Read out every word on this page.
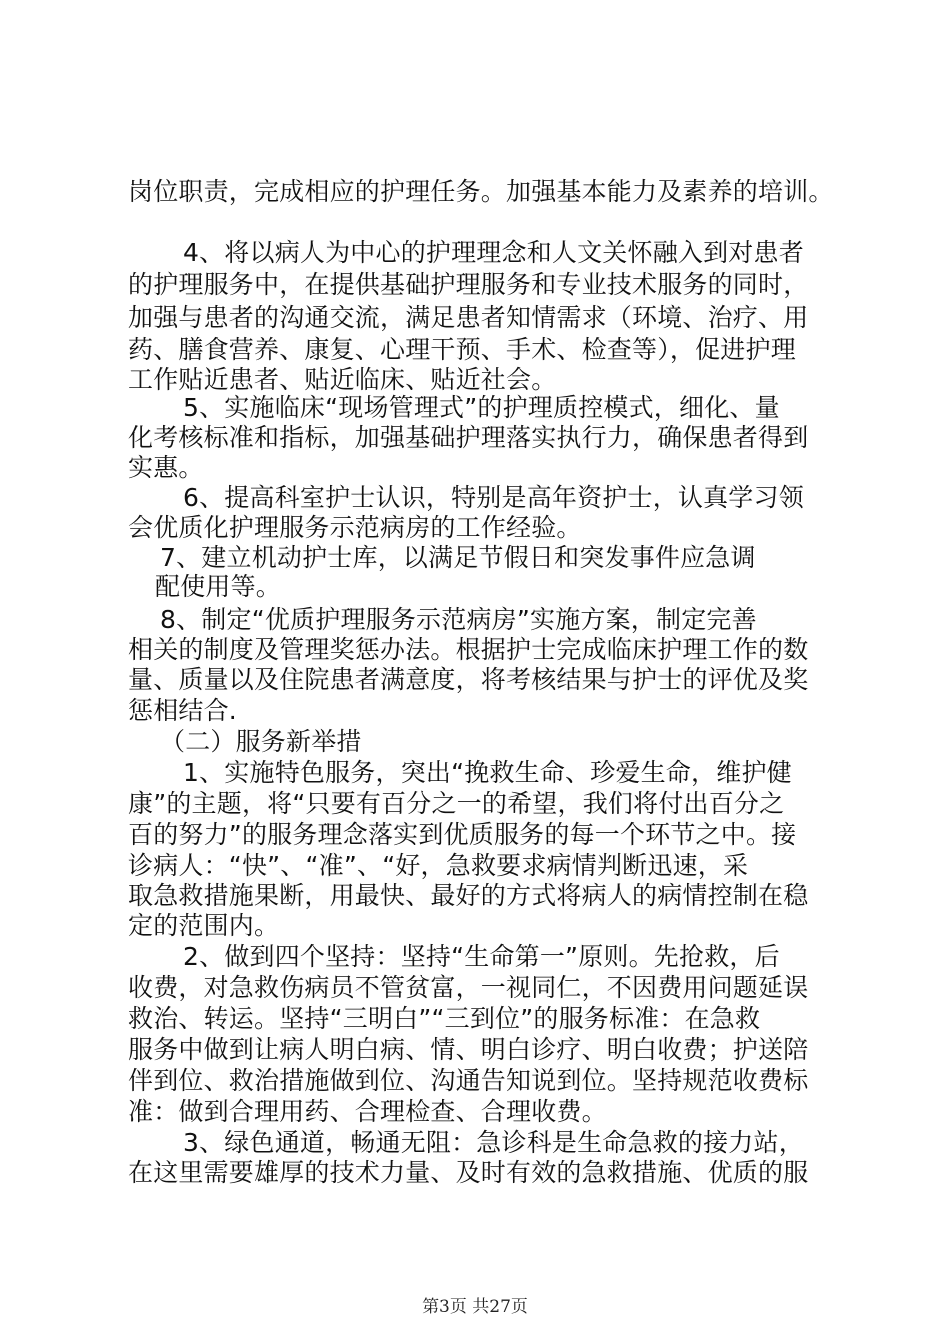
岗位职责，完成相应的护理任务。加强基本能力及素养的培训。
4、将以病人为中心的护理理念和人文关怀融入到对患者
的护理服务中，在提供基础护理服务和专业技术服务的同时，
加强与患者的沟通交流，满足患者知情需求（环境、治疗、用
药、膳食营养、康复、心理干预、手术、检查等），促进护理
工作贴近患者、贴近临床、贴近社会。
5、实施临床“现场管理式”的护理质控模式，细化、量
化考核标准和指标，加强基础护理落实执行力，确保患者得到
实惠。
6、提高科室护士认识，特别是高年资护士，认真学习领
会优质化护理服务示范病房的工作经验。
7、建立机动护士库，以满足节假日和突发事件应急调
配使用等。
8、制定“优质护理服务示范病房”实施方案，制定完善
相关的制度及管理奖惩办法。根据护士完成临床护理工作的数
量、质量以及住院患者满意度，将考核结果与护士的评优及奖
惩相结合.
（二）服务新举措
1、实施特色服务，突出“挽救生命、珍爱生命，维护健
康”的主题，将“只要有百分之一的希望，我们将付出百分之
百的努力”的服务理念落实到优质服务的每一个环节之中。接
诊病人：“快”、“准”、“好，急救要求病情判断迅速，采
取急救措施果断，用最快、最好的方式将病人的病情控制在稳
定的范围内。
2、做到四个坚持：坚持“生命第一”原则。先抢救，后
收费，对急救伤病员不管贫富，一视同仁，不因费用问题延误
救治、转运。坚持“三明白”“三到位”的服务标准：在急救
服务中做到让病人明白病、情、明白诊疗、明白收费；护送陪
伴到位、救治措施做到位、沟通告知说到位。坚持规范收费标
准：做到合理用药、合理检查、合理收费。
3、绿色通道，畅通无阻：急诊科是生命急救的接力站，
在这里需要雄厚的技术力量、及时有效的急救措施、优质的服
第3页 共27页
